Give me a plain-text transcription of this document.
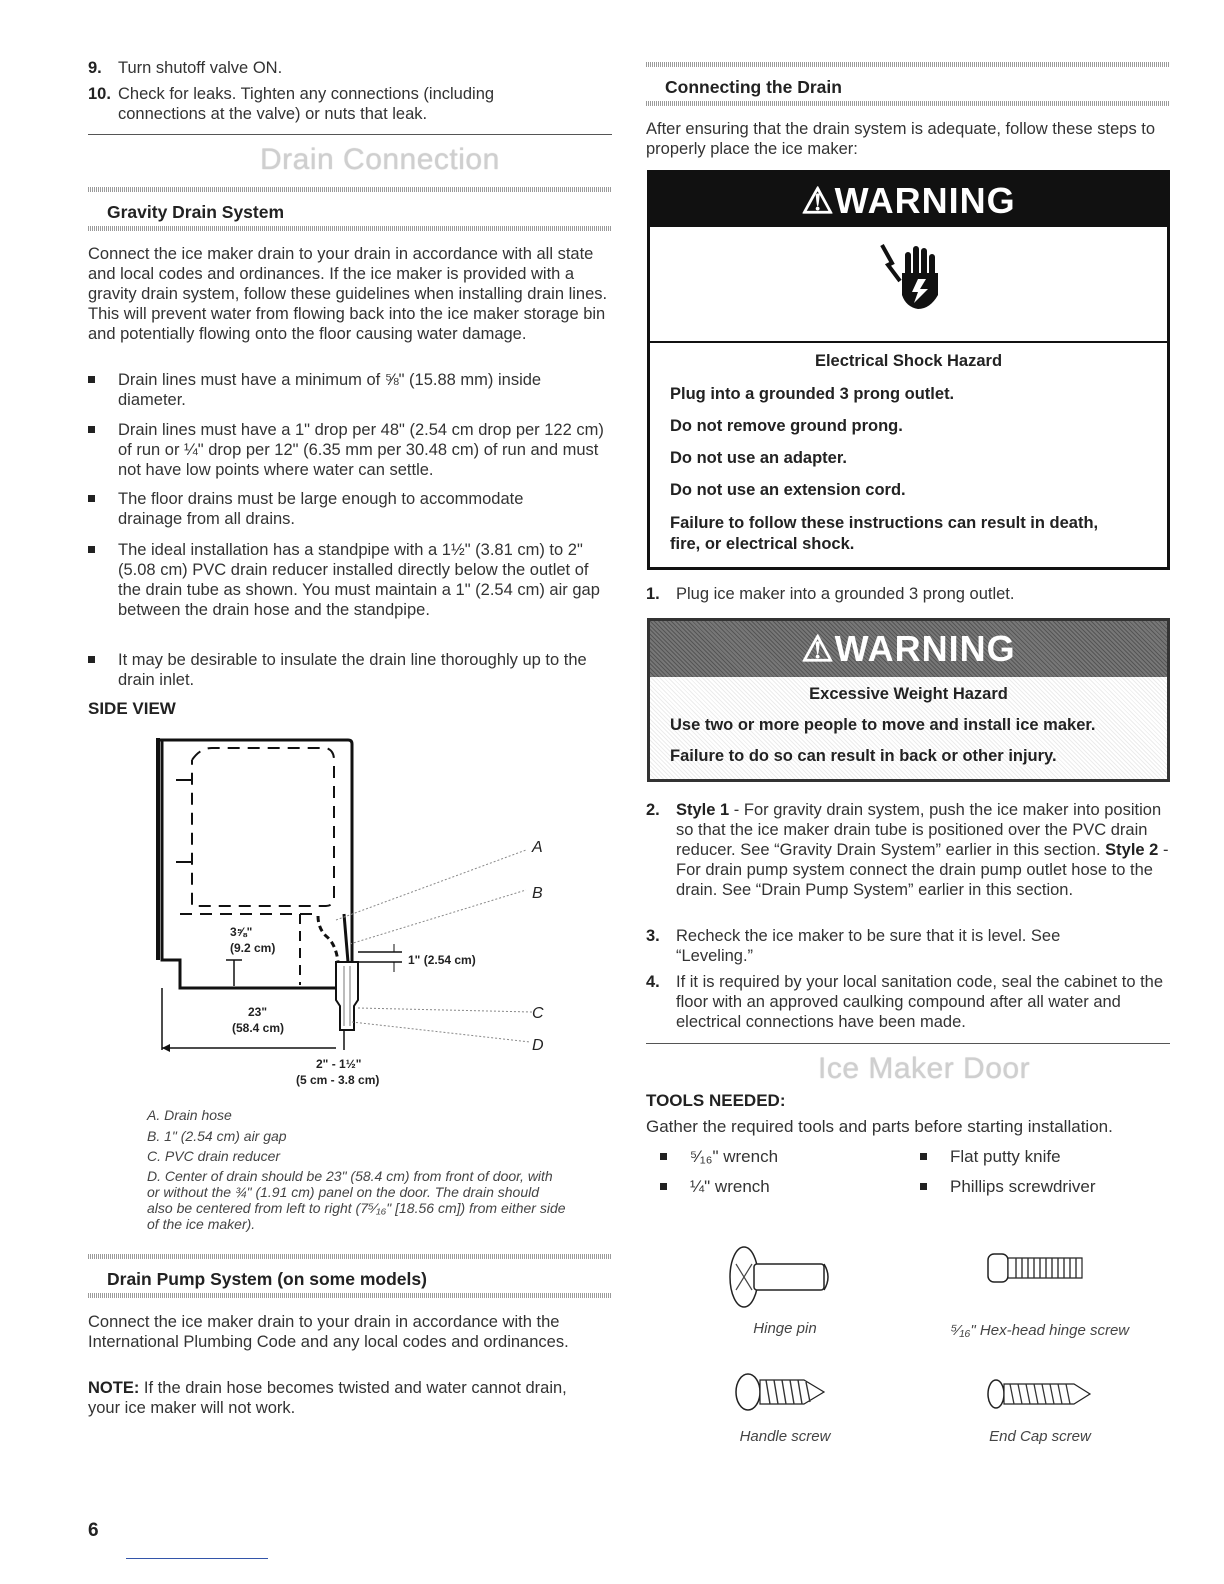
9. Turn shutoff valve ON.
10. Check for leaks. Tighten any connections (including connections at the valve) or nuts that leak.
Drain Connection
Gravity Drain System
Connect the ice maker drain to your drain in accordance with all state and local codes and ordinances. If the ice maker is provided with a gravity drain system, follow these guidelines when installing drain lines. This will prevent water from flowing back into the ice maker storage bin and potentially flowing onto the floor causing water damage.
Drain lines must have a minimum of ⅝" (15.88 mm) inside diameter.
Drain lines must have a 1" drop per 48" (2.54 cm drop per 122 cm) of run or ¼" drop per 12" (6.35 mm per 30.48 cm) of run and must not have low points where water can settle.
The floor drains must be large enough to accommodate drainage from all drains.
The ideal installation has a standpipe with a 1½" (3.81 cm) to 2" (5.08 cm) PVC drain reducer installed directly below the outlet of the drain tube as shown. You must maintain a 1" (2.54 cm) air gap between the drain hose and the standpipe.
It may be desirable to insulate the drain line thoroughly up to the drain inlet.
SIDE VIEW
3⅝"
(9.2 cm)
1" (2.54 cm)
23"
(58.4 cm)
2" - 1½"
(5 cm - 3.8 cm)
A
B
C
D
A. Drain hose
B. 1" (2.54 cm) air gap
C. PVC drain reducer
D. Center of drain should be 23" (58.4 cm) from front of door, with or without the ¾" (1.91 cm) panel on the door. The drain should also be centered from left to right (7⁵⁄₁₆" [18.56 cm]) from either side of the ice maker).
Drain Pump System (on some models)
Connect the ice maker drain to your drain in accordance with the International Plumbing Code and any local codes and ordinances.
NOTE: If the drain hose becomes twisted and water cannot drain, your ice maker will not work.
6
Connecting the Drain
After ensuring that the drain system is adequate, follow these steps to properly place the ice maker:
⚠WARNING
Electrical Shock Hazard
Plug into a grounded 3 prong outlet.
Do not remove ground prong.
Do not use an adapter.
Do not use an extension cord.
Failure to follow these instructions can result in death, fire, or electrical shock.
1. Plug ice maker into a grounded 3 prong outlet.
⚠WARNING
Excessive Weight Hazard
Use two or more people to move and install ice maker.
Failure to do so can result in back or other injury.
2. Style 1 - For gravity drain system, push the ice maker into position so that the ice maker drain tube is positioned over the PVC drain reducer. See “Gravity Drain System” earlier in this section. Style 2 - For drain pump system connect the drain pump outlet hose to the drain. See “Drain Pump System” earlier in this section.
3. Recheck the ice maker to be sure that it is level. See “Leveling.”
4. If it is required by your local sanitation code, seal the cabinet to the floor with an approved caulking compound after all water and electrical connections have been made.
Ice Maker Door
TOOLS NEEDED:
Gather the required tools and parts before starting installation.
⁵⁄₁₆" wrench
¼" wrench
Flat putty knife
Phillips screwdriver
Hinge pin	⁵⁄₁₆" Hex-head hinge screw
Handle screw	End Cap screw
